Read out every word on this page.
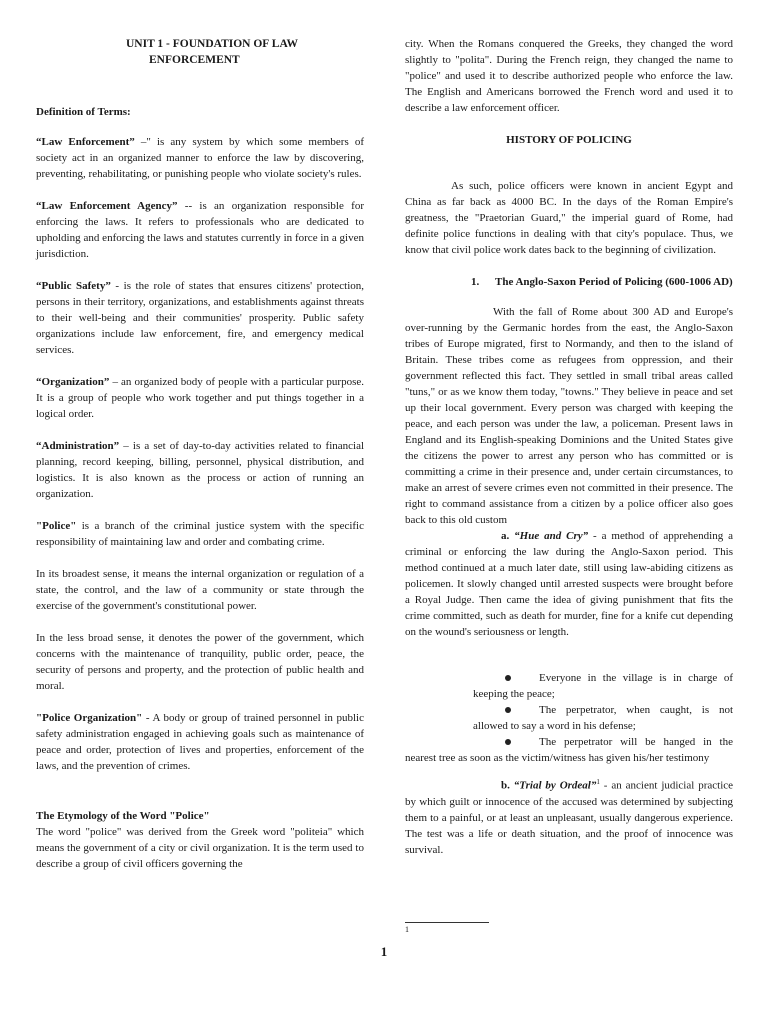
UNIT 1 - FOUNDATION OF LAW
ENFORCEMENT

Definition of Terms:

“Law Enforcement” –" is any system by which some members of society act in an organized manner to enforce the law by discovering, preventing, rehabilitating, or punishing people who violate society's rules.

“Law Enforcement Agency” -- is an organization responsible for enforcing the laws. It refers to professionals who are dedicated to upholding and enforcing the laws and statutes currently in force in a given jurisdiction.

“Public Safety” - is the role of states that ensures citizens' protection, persons in their territory, organizations, and establishments against threats to their well-being and their communities' prosperity. Public safety organizations include law enforcement, fire, and emergency medical services.

“Organization” – an organized body of people with a particular purpose. It is a group of people who work together and put things together in a logical order.

“Administration” – is a set of day-to-day activities related to financial planning, record keeping, billing, personnel, physical distribution, and logistics. It is also known as the process or action of running an organization.

"Police" is a branch of the criminal justice system with the specific responsibility of maintaining law and order and combating crime.

In its broadest sense, it means the internal organization or regulation of a state, the control, and the law of a community or state through the exercise of the government's constitutional power.

In the less broad sense, it denotes the power of the government, which concerns with the maintenance of tranquility, public order, peace, the security of persons and property, and the protection of public health and moral.

"Police Organization" - A body or group of trained personnel in public safety administration engaged in achieving goals such as maintenance of peace and order, protection of lives and properties, enforcement of the laws, and the prevention of crimes.

The Etymology of the Word "Police"

The word "police" was derived from the Greek word "politeia" which means the government of a city or civil organization. It is the term used to describe a group of civil officers governing the

city. When the Romans conquered the Greeks, they changed the word slightly to "polita". During the French reign, they changed the name to "police" and used it to describe authorized people who enforce the law. The English and Americans borrowed the French word and used it to describe a law enforcement officer.

HISTORY OF POLICING

As such, police officers were known in ancient Egypt and China as far back as 4000 BC. In the days of the Roman Empire's greatness, the "Praetorian Guard," the imperial guard of Rome, had definite police functions in dealing with that city's populace. Thus, we know that civil police work dates back to the beginning of civilization.

1.	The Anglo-Saxon Period of Policing (600-1006 AD)

With the fall of Rome about 300 AD and Europe's over-running by the Germanic hordes from the east, the Anglo-Saxon tribes of Europe migrated, first to Normandy, and then to the island of Britain. These tribes come as refugees from oppression, and their government reflected this fact. They settled in small tribal areas called "tuns," or as we know them today, "towns." They believe in peace and set up their local government. Every person was charged with keeping the peace, and each person was under the law, a policeman. Present laws in England and its English-speaking Dominions and the United States give the citizens the power to arrest any person who has committed or is committing a crime in their presence and, under certain circumstances, to make an arrest of severe crimes even not committed in their presence. The right to command assistance from a citizen by a police officer also goes back to this old custom

a. “Hue and Cry” - a method of apprehending a criminal or enforcing the law during the Anglo-Saxon period. This method continued at a much later date, still using law-abiding citizens as policemen. It slowly changed until arrested suspects were brought before a Royal Judge. Then came the idea of giving punishment that fits the crime committed, such as death for murder, fine for a knife cut depending on the wound's seriousness or length.

Everyone in the village is in charge of keeping the peace;

The perpetrator, when caught, is not allowed to say a word in his defense;

The perpetrator will be hanged in the nearest tree as soon as the victim/witness has given his/her testimony

b. “Trial by Ordeal”$^1$ - an ancient judicial practice by which guilt or innocence of the accused was determined by subjecting them to a painful, or at least an unpleasant, usually dangerous experience. The test was a life or death situation, and the proof of innocence was survival.

1
1
